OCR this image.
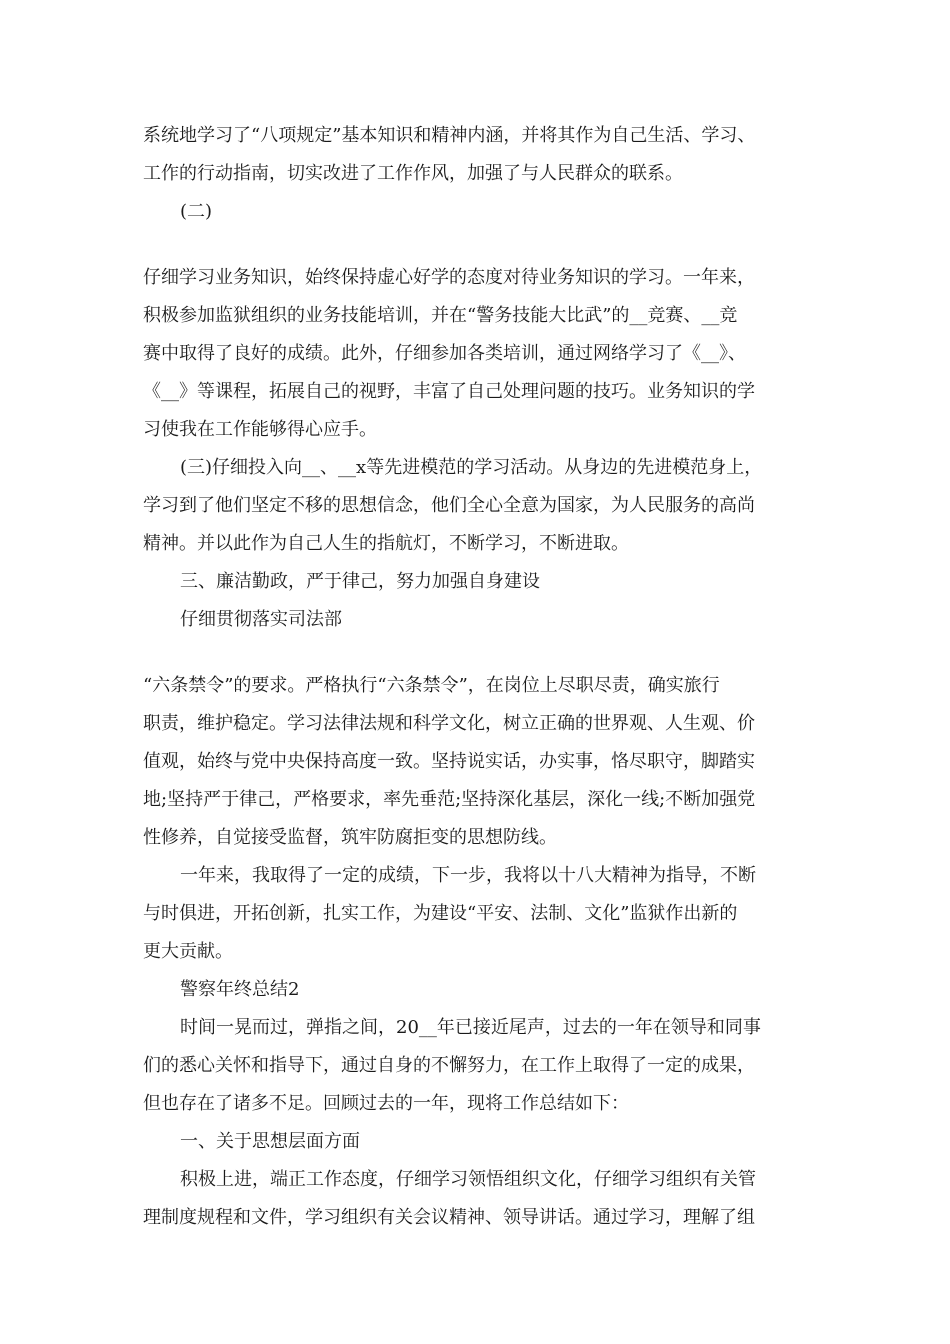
系统地学习了“八项规定”基本知识和精神内涵，并将其作为自己生活、学习、
工作的行动指南，切实改进了工作作风，加强了与人民群众的联系。
(二)
仔细学习业务知识，始终保持虚心好学的态度对待业务知识的学习。一年来，
积极参加监狱组织的业务技能培训，并在“警务技能大比武”的__竞赛、__竞
赛中取得了良好的成绩。此外，仔细参加各类培训，通过网络学习了《__》、
《__》等课程，拓展自己的视野，丰富了自己处理问题的技巧。业务知识的学
习使我在工作能够得心应手。
(三)仔细投入向__、__x等先进模范的学习活动。从身边的先进模范身上，
学习到了他们坚定不移的思想信念，他们全心全意为国家，为人民服务的高尚
精神。并以此作为自己人生的指航灯，不断学习，不断进取。
三、廉洁勤政，严于律己，努力加强自身建设
仔细贯彻落实司法部
“六条禁令”的要求。严格执行“六条禁令”，在岗位上尽职尽责，确实旅行
职责，维护稳定。学习法律法规和科学文化，树立正确的世界观、人生观、价
值观，始终与党中央保持高度一致。坚持说实话，办实事，恪尽职守，脚踏实
地;坚持严于律己，严格要求，率先垂范;坚持深化基层，深化一线;不断加强党
性修养，自觉接受监督，筑牢防腐拒变的思想防线。
一年来，我取得了一定的成绩，下一步，我将以十八大精神为指导，不断
与时俱进，开拓创新，扎实工作，为建设“平安、法制、文化”监狱作出新的
更大贡献。
警察年终总结2
时间一晃而过，弹指之间，20__年已接近尾声，过去的一年在领导和同事
们的悉心关怀和指导下，通过自身的不懈努力，在工作上取得了一定的成果，
但也存在了诸多不足。回顾过去的一年，现将工作总结如下：
一、关于思想层面方面
积极上进，端正工作态度，仔细学习领悟组织文化，仔细学习组织有关管
理制度规程和文件，学习组织有关会议精神、领导讲话。通过学习，理解了组
